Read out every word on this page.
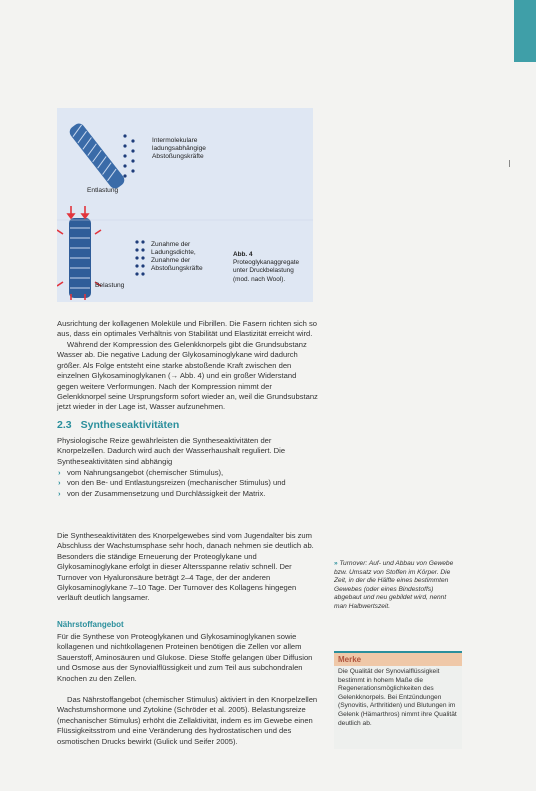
Intermolekulare
ladungsabhängige
Abstoßungskräfte
Entlastung
Zunahme der
Ladungsdichte,
Zunahme der
Abstoßungskräfte
Belastung
Abb. 4 Proteoglykanaggregate unter Druckbelastung (mod. nach Wool).

Ausrichtung der kollagenen Moleküle und Fibrillen. Die Fasern richten sich so aus, dass ein optimales Verhältnis von Stabilität und Elastizität erreicht wird.

Während der Kompression des Gelenkknorpels gibt die Grundsubstanz Wasser ab. Die negative Ladung der Glykosaminoglykane wird dadurch größer. Als Folge entsteht eine starke abstoßende Kraft zwischen den einzelnen Glykosaminoglykanen (→ Abb. 4) und ein großer Widerstand gegen weitere Verformungen. Nach der Kompression nimmt der Gelenkknorpel seine Ursprungsform sofort wieder an, weil die Grundsubstanz jetzt wieder in der Lage ist, Wasser aufzunehmen.

2.3 Syntheseaktivitäten

Physiologische Reize gewährleisten die Syntheseaktivitäten der Knorpelzellen. Dadurch wird auch der Wasserhaushalt reguliert. Die Syntheseaktivitäten sind abhängig

› vom Nahrungsangebot (chemischer Stimulus),
› von den Be- und Entlastungsreizen (mechanischer Stimulus) und
› von der Zusammensetzung und Durchlässigkeit der Matrix.

Die Syntheseaktivitäten des Knorpelgewebes sind vom Jugendalter bis zum Abschluss der Wachstumsphase sehr hoch, danach nehmen sie deutlich ab. Besonders die ständige Erneuerung der Proteoglykane und Glykosaminoglykane erfolgt in dieser Altersspanne relativ schnell. Der Turnover von Hyaluronsäure beträgt 2–4 Tage, der der anderen Glykosaminoglykane 7–10 Tage. Der Turnover des Kollagens hingegen verläuft deutlich langsamer.

Nährstoffangebot

Für die Synthese von Proteoglykanen und Glykosaminoglykanen sowie kollagenen und nichtkollagenen Proteinen benötigen die Zellen vor allem Sauerstoff, Aminosäuren und Glukose. Diese Stoffe gelangen über Diffusion und Osmose aus der Synovialflüssigkeit und zum Teil aus subchondralen Knochen zu den Zellen.

Das Nährstoffangebot (chemischer Stimulus) aktiviert in den Knorpelzellen Wachstumshormone und Zytokine (Schröder et al. 2005). Belastungsreize (mechanischer Stimulus) erhöht die Zellaktivität, indem es im Gewebe einen Flüssigkeitsstrom und eine Veränderung des hydrostatischen und des osmotischen Drucks bewirkt (Gulick und Seifer 2005).

» Turnover: Auf- und Abbau von Gewebe bzw. Umsatz von Stoffen im Körper. Die Zeit, in der die Hälfte eines bestimmten Gewebes (oder eines Bindestoffs) abgebaut und neu gebildet wird, nennt man Halbwertszeit.
Merke
Die Qualität der Synovialflüssigkeit bestimmt in hohem Maße die Regenerationsmöglichkeiten des Gelenkknorpels. Bei Entzündungen (Synovitis, Arthritiden) und Blutungen im Gelenk (Hämarthros) nimmt ihre Qualität deutlich ab.
